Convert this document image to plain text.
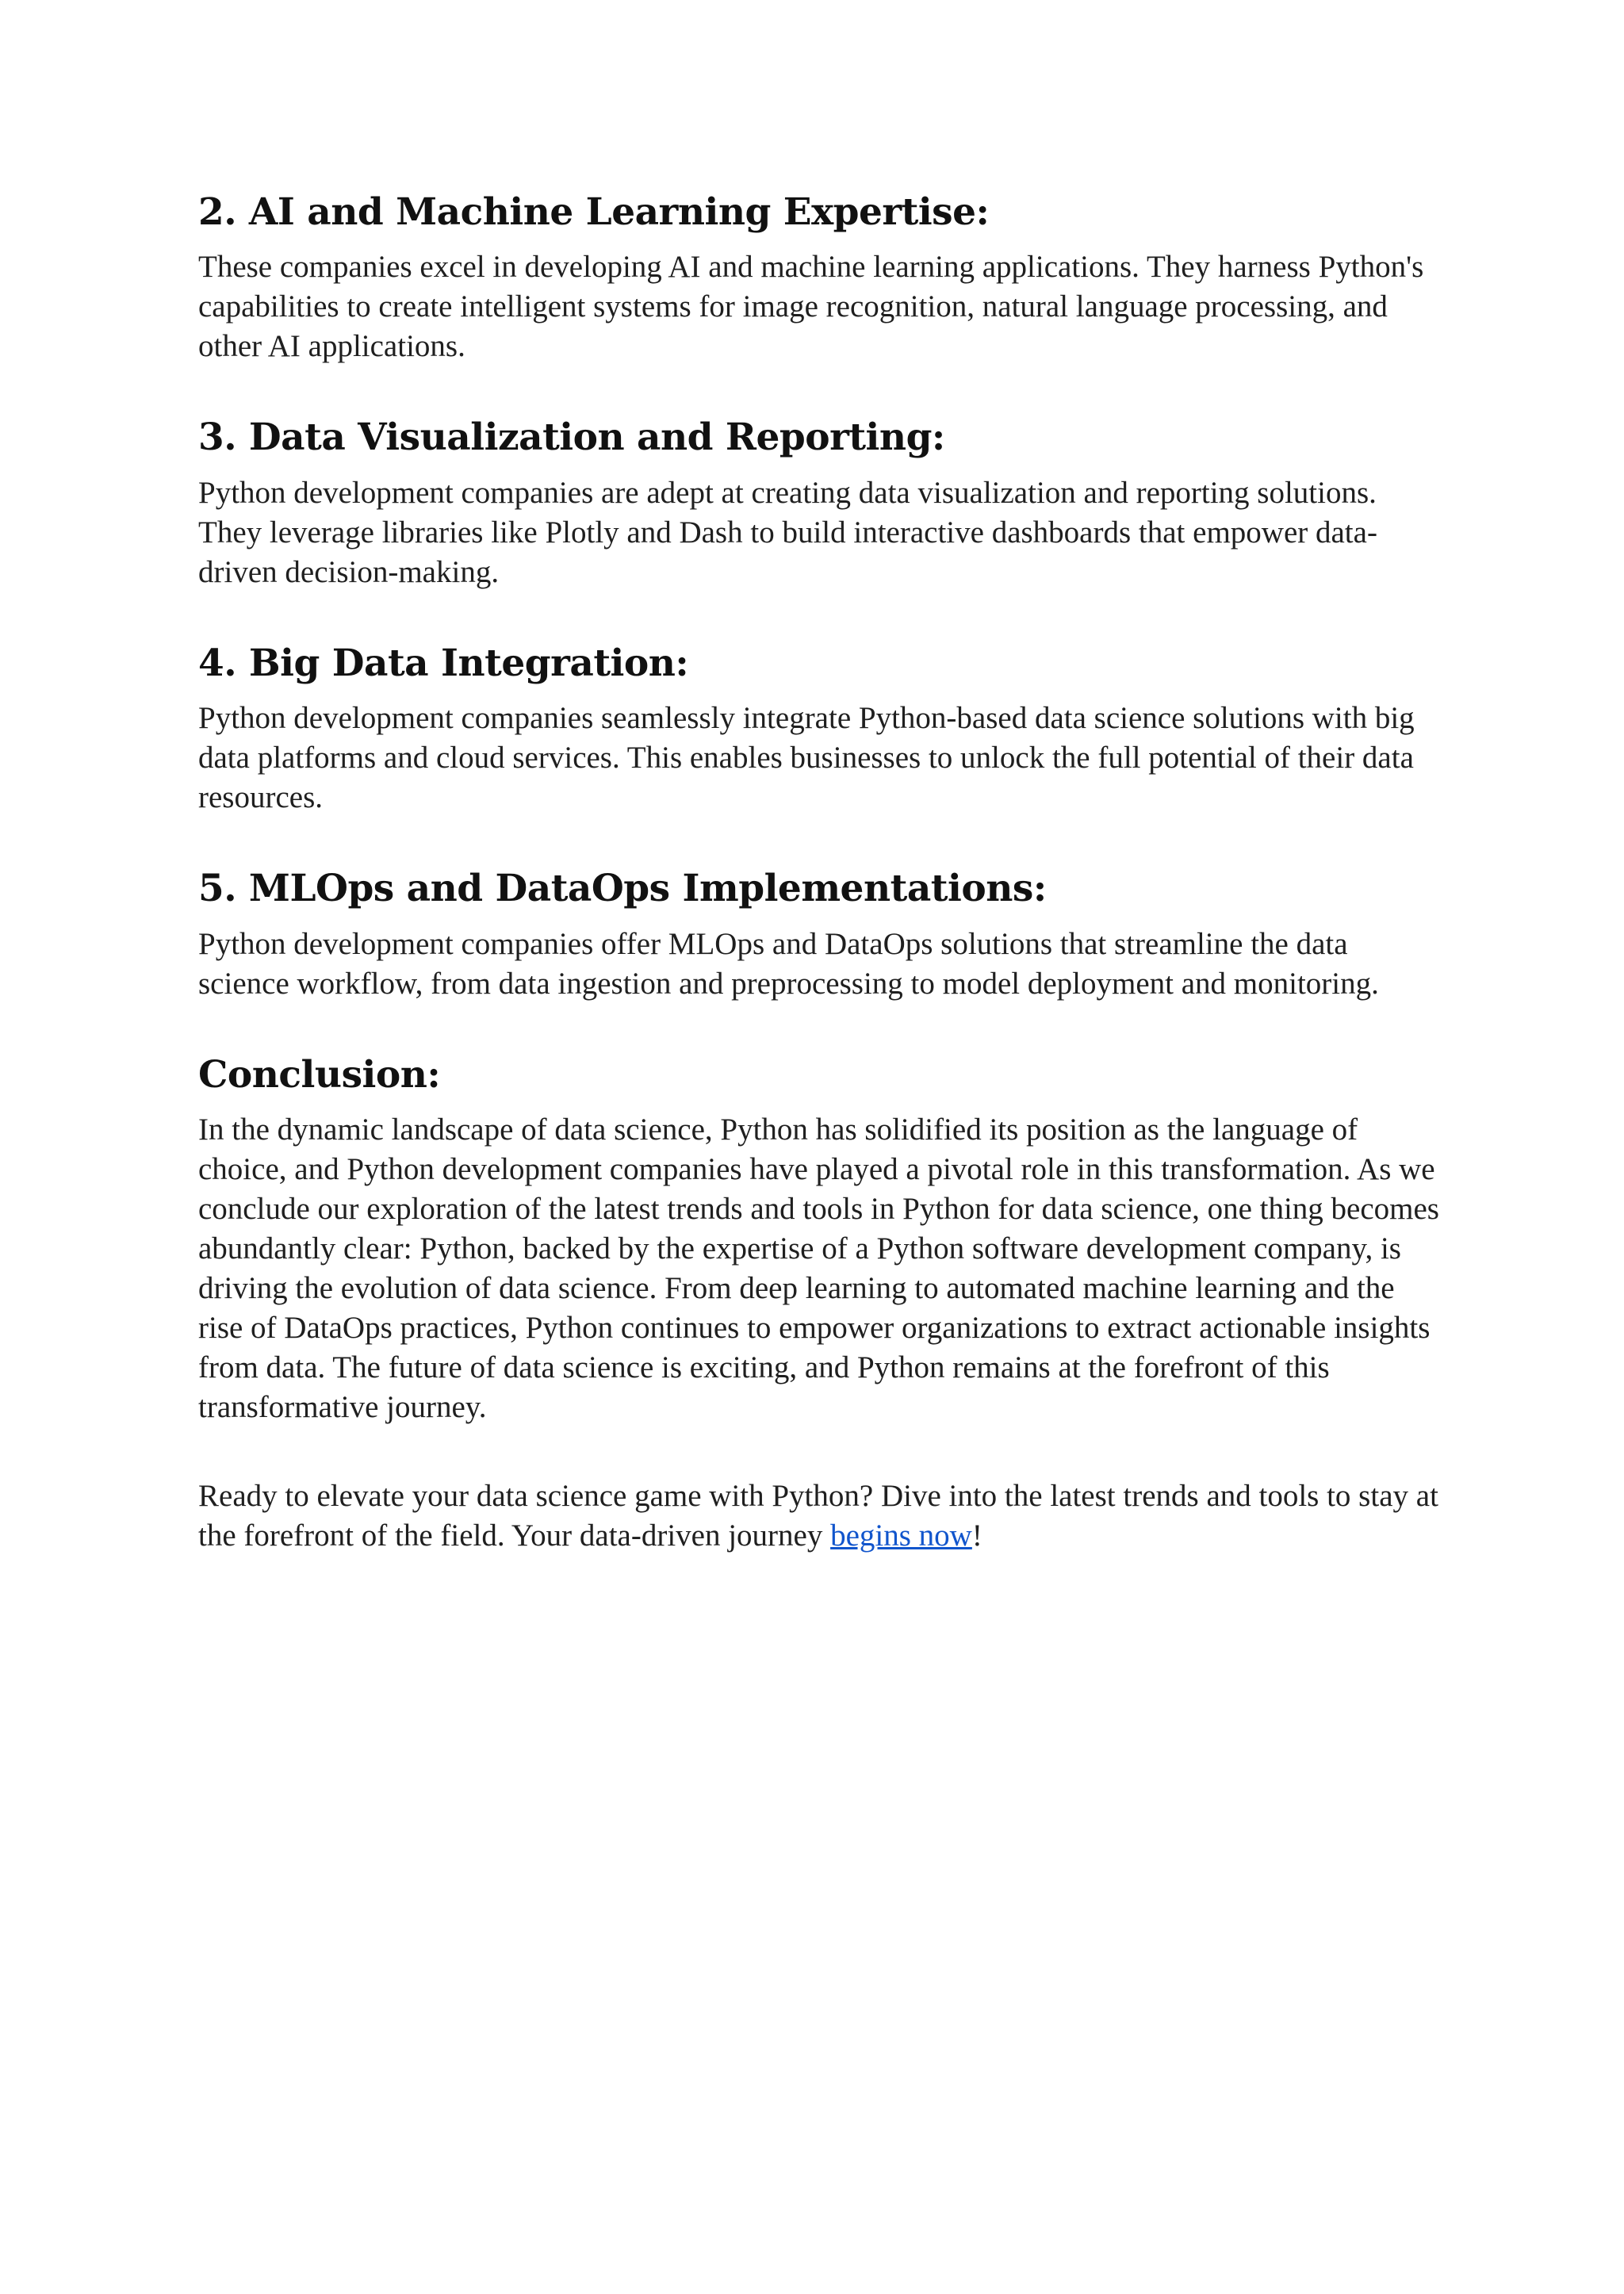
2. AI and Machine Learning Expertise:

These companies excel in developing AI and machine learning applications. They harness Python's capabilities to create intelligent systems for image recognition, natural language processing, and other AI applications.

3. Data Visualization and Reporting:

Python development companies are adept at creating data visualization and reporting solutions. They leverage libraries like Plotly and Dash to build interactive dashboards that empower data-driven decision-making.

4. Big Data Integration:

Python development companies seamlessly integrate Python-based data science solutions with big data platforms and cloud services. This enables businesses to unlock the full potential of their data resources.

5. MLOps and DataOps Implementations:

Python development companies offer MLOps and DataOps solutions that streamline the data science workflow, from data ingestion and preprocessing to model deployment and monitoring.

Conclusion:

In the dynamic landscape of data science, Python has solidified its position as the language of choice, and Python development companies have played a pivotal role in this transformation. As we conclude our exploration of the latest trends and tools in Python for data science, one thing becomes abundantly clear: Python, backed by the expertise of a Python software development company, is driving the evolution of data science. From deep learning to automated machine learning and the rise of DataOps practices, Python continues to empower organizations to extract actionable insights from data. The future of data science is exciting, and Python remains at the forefront of this transformative journey.

Ready to elevate your data science game with Python? Dive into the latest trends and tools to stay at the forefront of the field. Your data-driven journey begins now!
